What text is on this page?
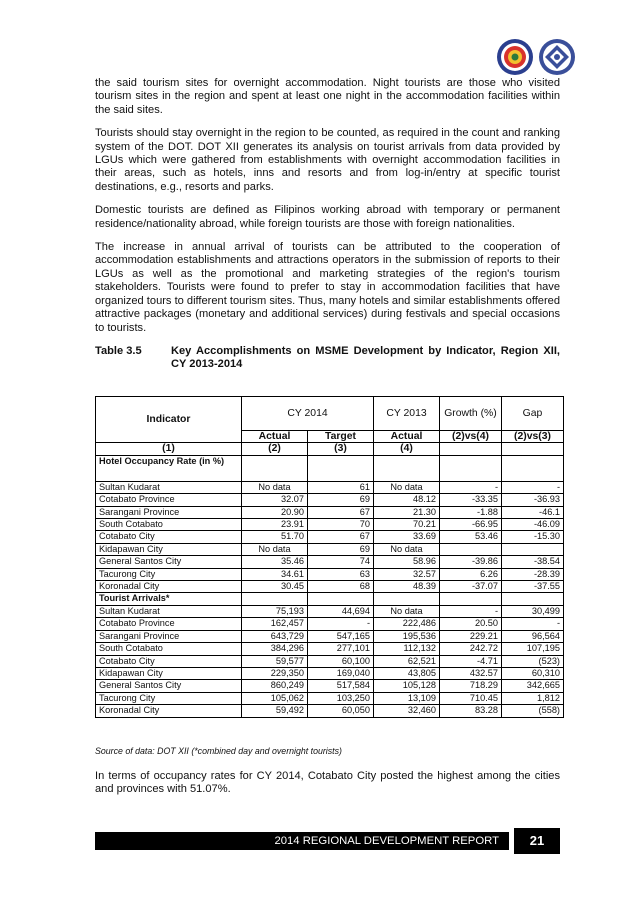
the said tourism sites for overnight accommodation. Night tourists are those who visited tourism sites in the region and spent at least one night in the accommodation facilities within the said sites.

Tourists should stay overnight in the region to be counted, as required in the count and ranking system of the DOT. DOT XII generates its analysis on tourist arrivals from data provided by LGUs which were gathered from establishments with overnight accommodation facilities in their areas, such as hotels, inns and resorts and from log-in/entry at specific tourist destinations, e.g., resorts and parks.

Domestic tourists are defined as Filipinos working abroad with temporary or permanent residence/nationality abroad, while foreign tourists are those with foreign nationalities.

The increase in annual arrival of tourists can be attributed to the cooperation of accommodation establishments and attractions operators in the submission of reports to their LGUs as well as the promotional and marketing strategies of the region's tourism stakeholders. Tourists were found to prefer to stay in accommodation facilities that have organized tours to different tourism sites. Thus, many hotels and similar establishments offered attractive packages (monetary and additional services) during festivals and special occasions to tourists.

Table 3.5	Key Accomplishments on MSME Development by Indicator, Region XII, CY 2013-2014
Indicator	CY 2014		CY 2013	Growth (%)	Gap
	Actual	Target	Actual	(2)vs(4)	(2)vs(3)
(1)	(2)	(3)	(4)		
Hotel Occupancy Rate (in %)					
Sultan Kudarat	No data	61	No data	-	-
Cotabato Province	32.07	69	48.12	-33.35	-36.93
Sarangani Province	20.90	67	21.30	-1.88	-46.1
South Cotabato	23.91	70	70.21	-66.95	-46.09
Cotabato City	51.70	67	33.69	53.46	-15.30
Kidapawan City	No data	69	No data		
General Santos City	35.46	74	58.96	-39.86	-38.54
Tacurong City	34.61	63	32.57	6.26	-28.39
Koronadal City	30.45	68	48.39	-37.07	-37.55
Tourist Arrivals*					
Sultan Kudarat	75,193	44,694	No data	-	30,499
Cotabato Province	162,457	-	222,486	20.50	-
Sarangani Province	643,729	547,165	195,536	229.21	96,564
South Cotabato	384,296	277,101	112,132	242.72	107,195
Cotabato City	59,577	60,100	62,521	-4.71	(523)
Kidapawan City	229,350	169,040	43,805	432.57	60,310
General Santos City	860,249	517,584	105,128	718.29	342,665
Tacurong City	105,062	103,250	13,109	710.45	1,812
Koronadal City	59,492	60,050	32,460	83.28	(558)
Source of data: DOT XII (*combined day and overnight tourists)

In terms of occupancy rates for CY 2014, Cotabato City posted the highest among the cities and provinces with 51.07%.

2014 REGIONAL DEVELOPMENT REPORT	21
